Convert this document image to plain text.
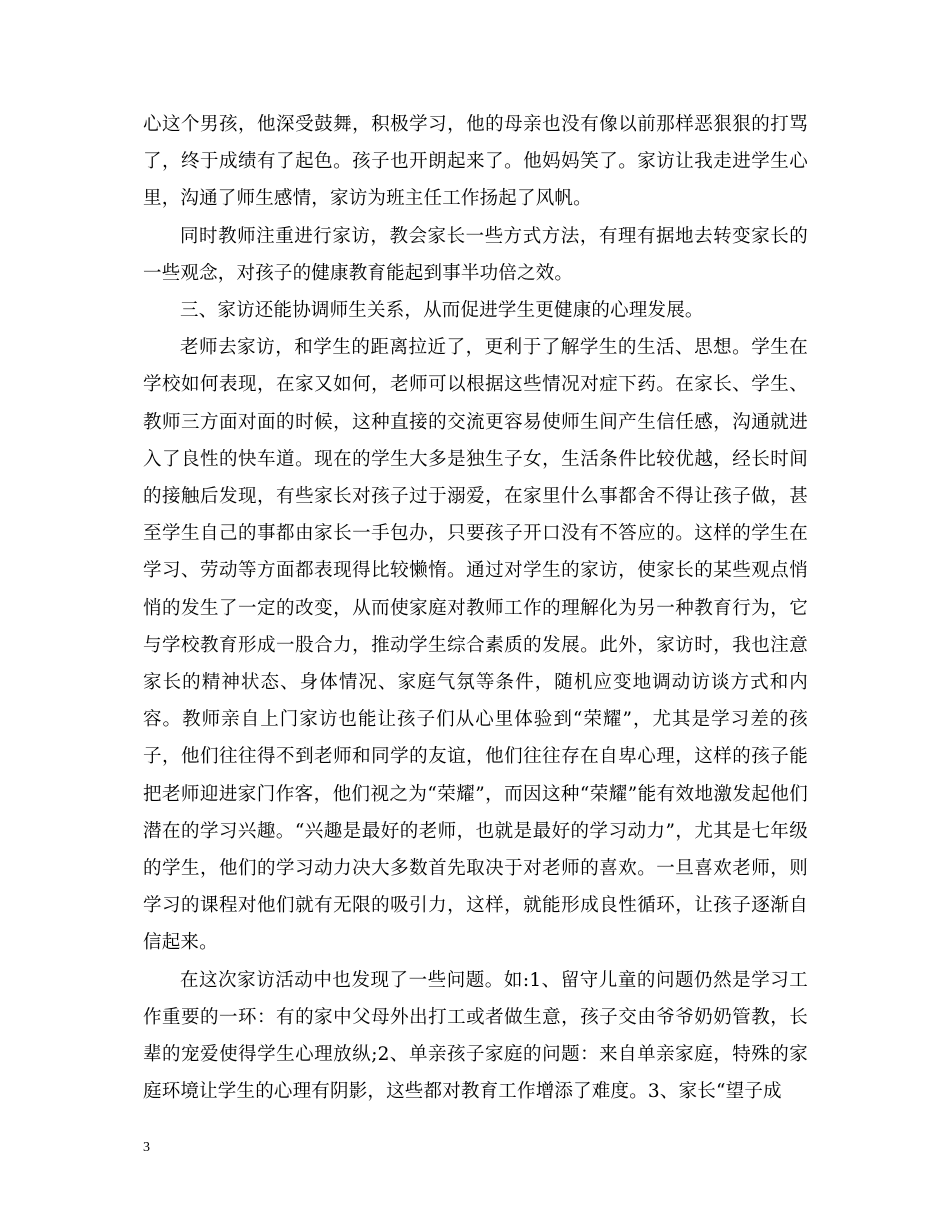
心这个男孩，他深受鼓舞，积极学习，他的母亲也没有像以前那样恶狠狠的打骂了，终于成绩有了起色。孩子也开朗起来了。他妈妈笑了。家访让我走进学生心里，沟通了师生感情，家访为班主任工作扬起了风帆。

同时教师注重进行家访，教会家长一些方式方法，有理有据地去转变家长的一些观念，对孩子的健康教育能起到事半功倍之效。

三、家访还能协调师生关系，从而促进学生更健康的心理发展。

老师去家访，和学生的距离拉近了，更利于了解学生的生活、思想。学生在学校如何表现，在家又如何，老师可以根据这些情况对症下药。在家长、学生、教师三方面对面的时候，这种直接的交流更容易使师生间产生信任感，沟通就进入了良性的快车道。现在的学生大多是独生子女，生活条件比较优越，经长时间的接触后发现，有些家长对孩子过于溺爱，在家里什么事都舍不得让孩子做，甚至学生自己的事都由家长一手包办，只要孩子开口没有不答应的。这样的学生在学习、劳动等方面都表现得比较懒惰。通过对学生的家访，使家长的某些观点悄悄的发生了一定的改变，从而使家庭对教师工作的理解化为另一种教育行为，它与学校教育形成一股合力，推动学生综合素质的发展。此外，家访时，我也注意家长的精神状态、身体情况、家庭气氛等条件，随机应变地调动访谈方式和内容。教师亲自上门家访也能让孩子们从心里体验到“荣耀”，尤其是学习差的孩子，他们往往得不到老师和同学的友谊，他们往往存在自卑心理，这样的孩子能把老师迎进家门作客，他们视之为“荣耀”，而因这种“荣耀”能有效地激发起他们潜在的学习兴趣。“兴趣是最好的老师，也就是最好的学习动力”，尤其是七年级的学生，他们的学习动力决大多数首先取决于对老师的喜欢。一旦喜欢老师，则学习的课程对他们就有无限的吸引力，这样，就能形成良性循环，让孩子逐渐自信起来。

在这次家访活动中也发现了一些问题。如:1、留守儿童的问题仍然是学习工作重要的一环：有的家中父母外出打工或者做生意，孩子交由爷爷奶奶管教，长辈的宠爱使得学生心理放纵;2、单亲孩子家庭的问题：来自单亲家庭，特殊的家庭环境让学生的心理有阴影，这些都对教育工作增添了难度。3、家长“望子成

3
